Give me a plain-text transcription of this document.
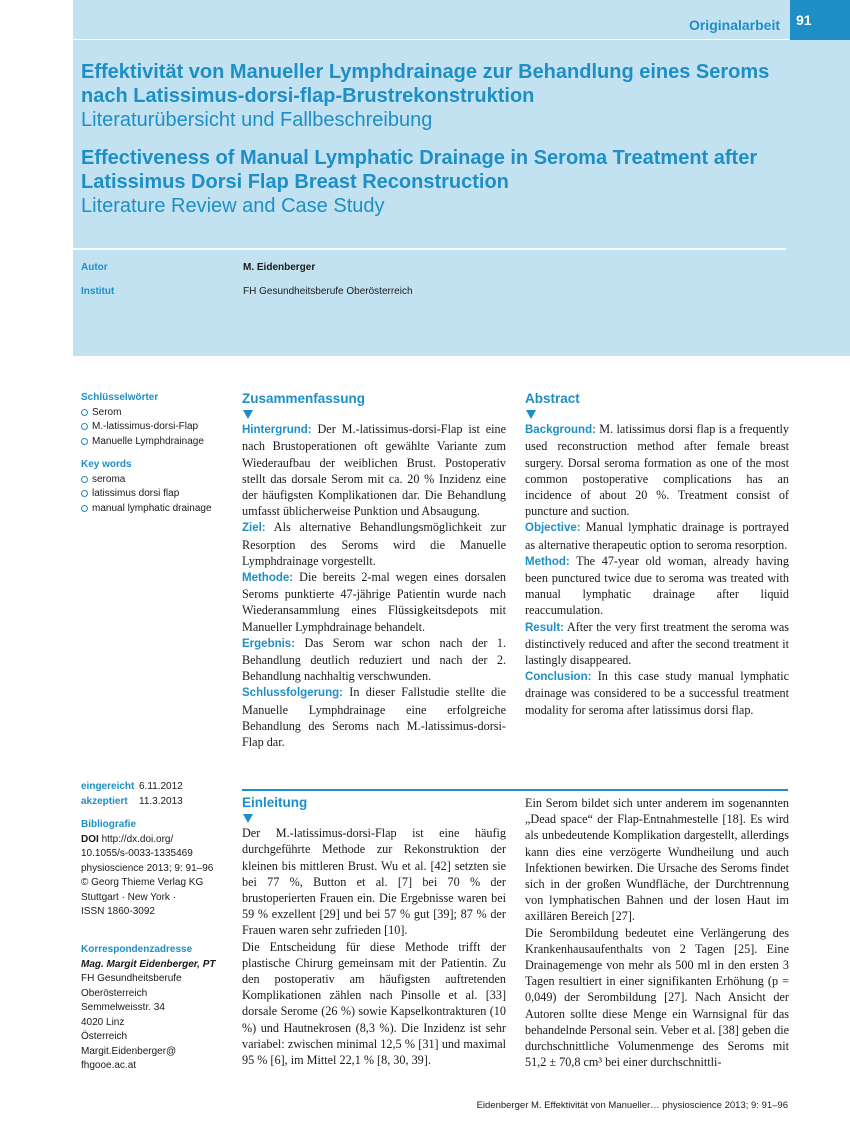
Originalarbeit	91
Effektivität von Manueller Lymphdrainage zur Behandlung eines Seroms
nach Latissimus-dorsi-flap-Brustrekonstruktion
Literaturübersicht und Fallbeschreibung
Effectiveness of Manual Lymphatic Drainage in Seroma Treatment after
Latissimus Dorsi Flap Breast Reconstruction
Literature Review and Case Study
Autor	M. Eidenberger
Institut	FH Gesundheitsberufe Oberösterreich
Schlüsselwörter
Serom
M.-latissimus-dorsi-Flap
Manuelle Lymphdrainage
Key words
seroma
latissimus dorsi flap
manual lymphatic drainage
eingereicht 6.11.2012
akzeptiert 11.3.2013
Bibliografie
DOI http://dx.doi.org/
10.1055/s-0033-1335469
physioscience 2013; 9: 91–96
© Georg Thieme Verlag KG
Stuttgart · New York ·
ISSN 1860-3092
Korrespondenzadresse
Mag. Margit Eidenberger, PT
FH Gesundheitsberufe
Oberösterreich
Semmelweisstr. 34
4020 Linz
Österreich
Margit.Eidenberger@
fhgooe.ac.at
Zusammenfassung

Hintergrund: Der M.-latissimus-dorsi-Flap ist eine nach Brustoperationen oft gewählte Variante zum Wiederaufbau der weiblichen Brust. Postoperativ stellt das dorsale Serom mit ca. 20 % Inzidenz eine der häufigsten Komplikationen dar. Die Behandlung umfasst üblicherweise Punktion und Absaugung.

Ziel: Als alternative Behandlungsmöglichkeit zur Resorption des Seroms wird die Manuelle Lymphdrainage vorgestellt.

Methode: Die bereits 2-mal wegen eines dorsalen Seroms punktierte 47-jährige Patientin wurde nach Wiederansammlung eines Flüssigkeitsdepots mit Manueller Lymphdrainage behandelt.

Ergebnis: Das Serom war schon nach der 1. Behandlung deutlich reduziert und nach der 2. Behandlung nachhaltig verschwunden.

Schlussfolgerung: In dieser Fallstudie stellte die Manuelle Lymphdrainage eine erfolgreiche Behandlung des Seroms nach M.-latissimus-dorsi-Flap dar.

Abstract

Background: M. latissimus dorsi flap is a frequently used reconstruction method after female breast surgery. Dorsal seroma formation as one of the most common postoperative complications has an incidence of about 20 %. Treatment consist of puncture and suction.

Objective: Manual lymphatic drainage is portrayed as alternative therapeutic option to seroma resorption.

Method: The 47-year old woman, already having been punctured twice due to seroma was treated with manual lymphatic drainage after liquid reaccumulation.

Result: After the very first treatment the seroma was distinctively reduced and after the second treatment it lastingly disappeared.

Conclusion: In this case study manual lymphatic drainage was considered to be a successful treatment modality for seroma after latissimus dorsi flap.

Einleitung

Der M.-latissimus-dorsi-Flap ist eine häufig durchgeführte Methode zur Rekonstruktion der kleinen bis mittleren Brust. Wu et al. [42] setzten sie bei 77 %, Button et al. [7] bei 70 % der brustoperierten Frauen ein. Die Ergebnisse waren bei 59 % exzellent [29] und bei 57 % gut [39]; 87 % der Frauen waren sehr zufrieden [10].

Die Entscheidung für diese Methode trifft der plastische Chirurg gemeinsam mit der Patientin. Zu den postoperativ am häufigsten auftretenden Komplikationen zählen nach Pinsolle et al. [33] dorsale Serome (26 %) sowie Kapselkontrakturen (10 %) und Hautnekrosen (8,3 %). Die Inzidenz ist sehr variabel: zwischen minimal 12,5 % [31] und maximal 95 % [6], im Mittel 22,1 % [8, 30, 39].

Ein Serom bildet sich unter anderem im sogenannten „Dead space“ der Flap-Entnahmestelle [18]. Es wird als unbedeutende Komplikation dargestellt, allerdings kann dies eine verzögerte Wundheilung und auch Infektionen bewirken. Die Ursache des Seroms findet sich in der großen Wundfläche, der Durchtrennung von lymphatischen Bahnen und der losen Haut im axillären Bereich [27].

Die Serombildung bedeutet eine Verlängerung des Krankenhausaufenthalts von 2 Tagen [25]. Eine Drainagemenge von mehr als 500 ml in den ersten 3 Tagen resultiert in einer signifikanten Erhöhung (p = 0,049) der Serombildung [27]. Nach Ansicht der Autoren sollte diese Menge ein Warnsignal für das behandelnde Personal sein. Veber et al. [38] geben die durchschnittliche Volumenmenge des Seroms mit 51,2 ± 70,8 cm³ bei einer durchschnittli-

Eidenberger M. Effektivität von Manueller… physioscience 2013; 9: 91–96
